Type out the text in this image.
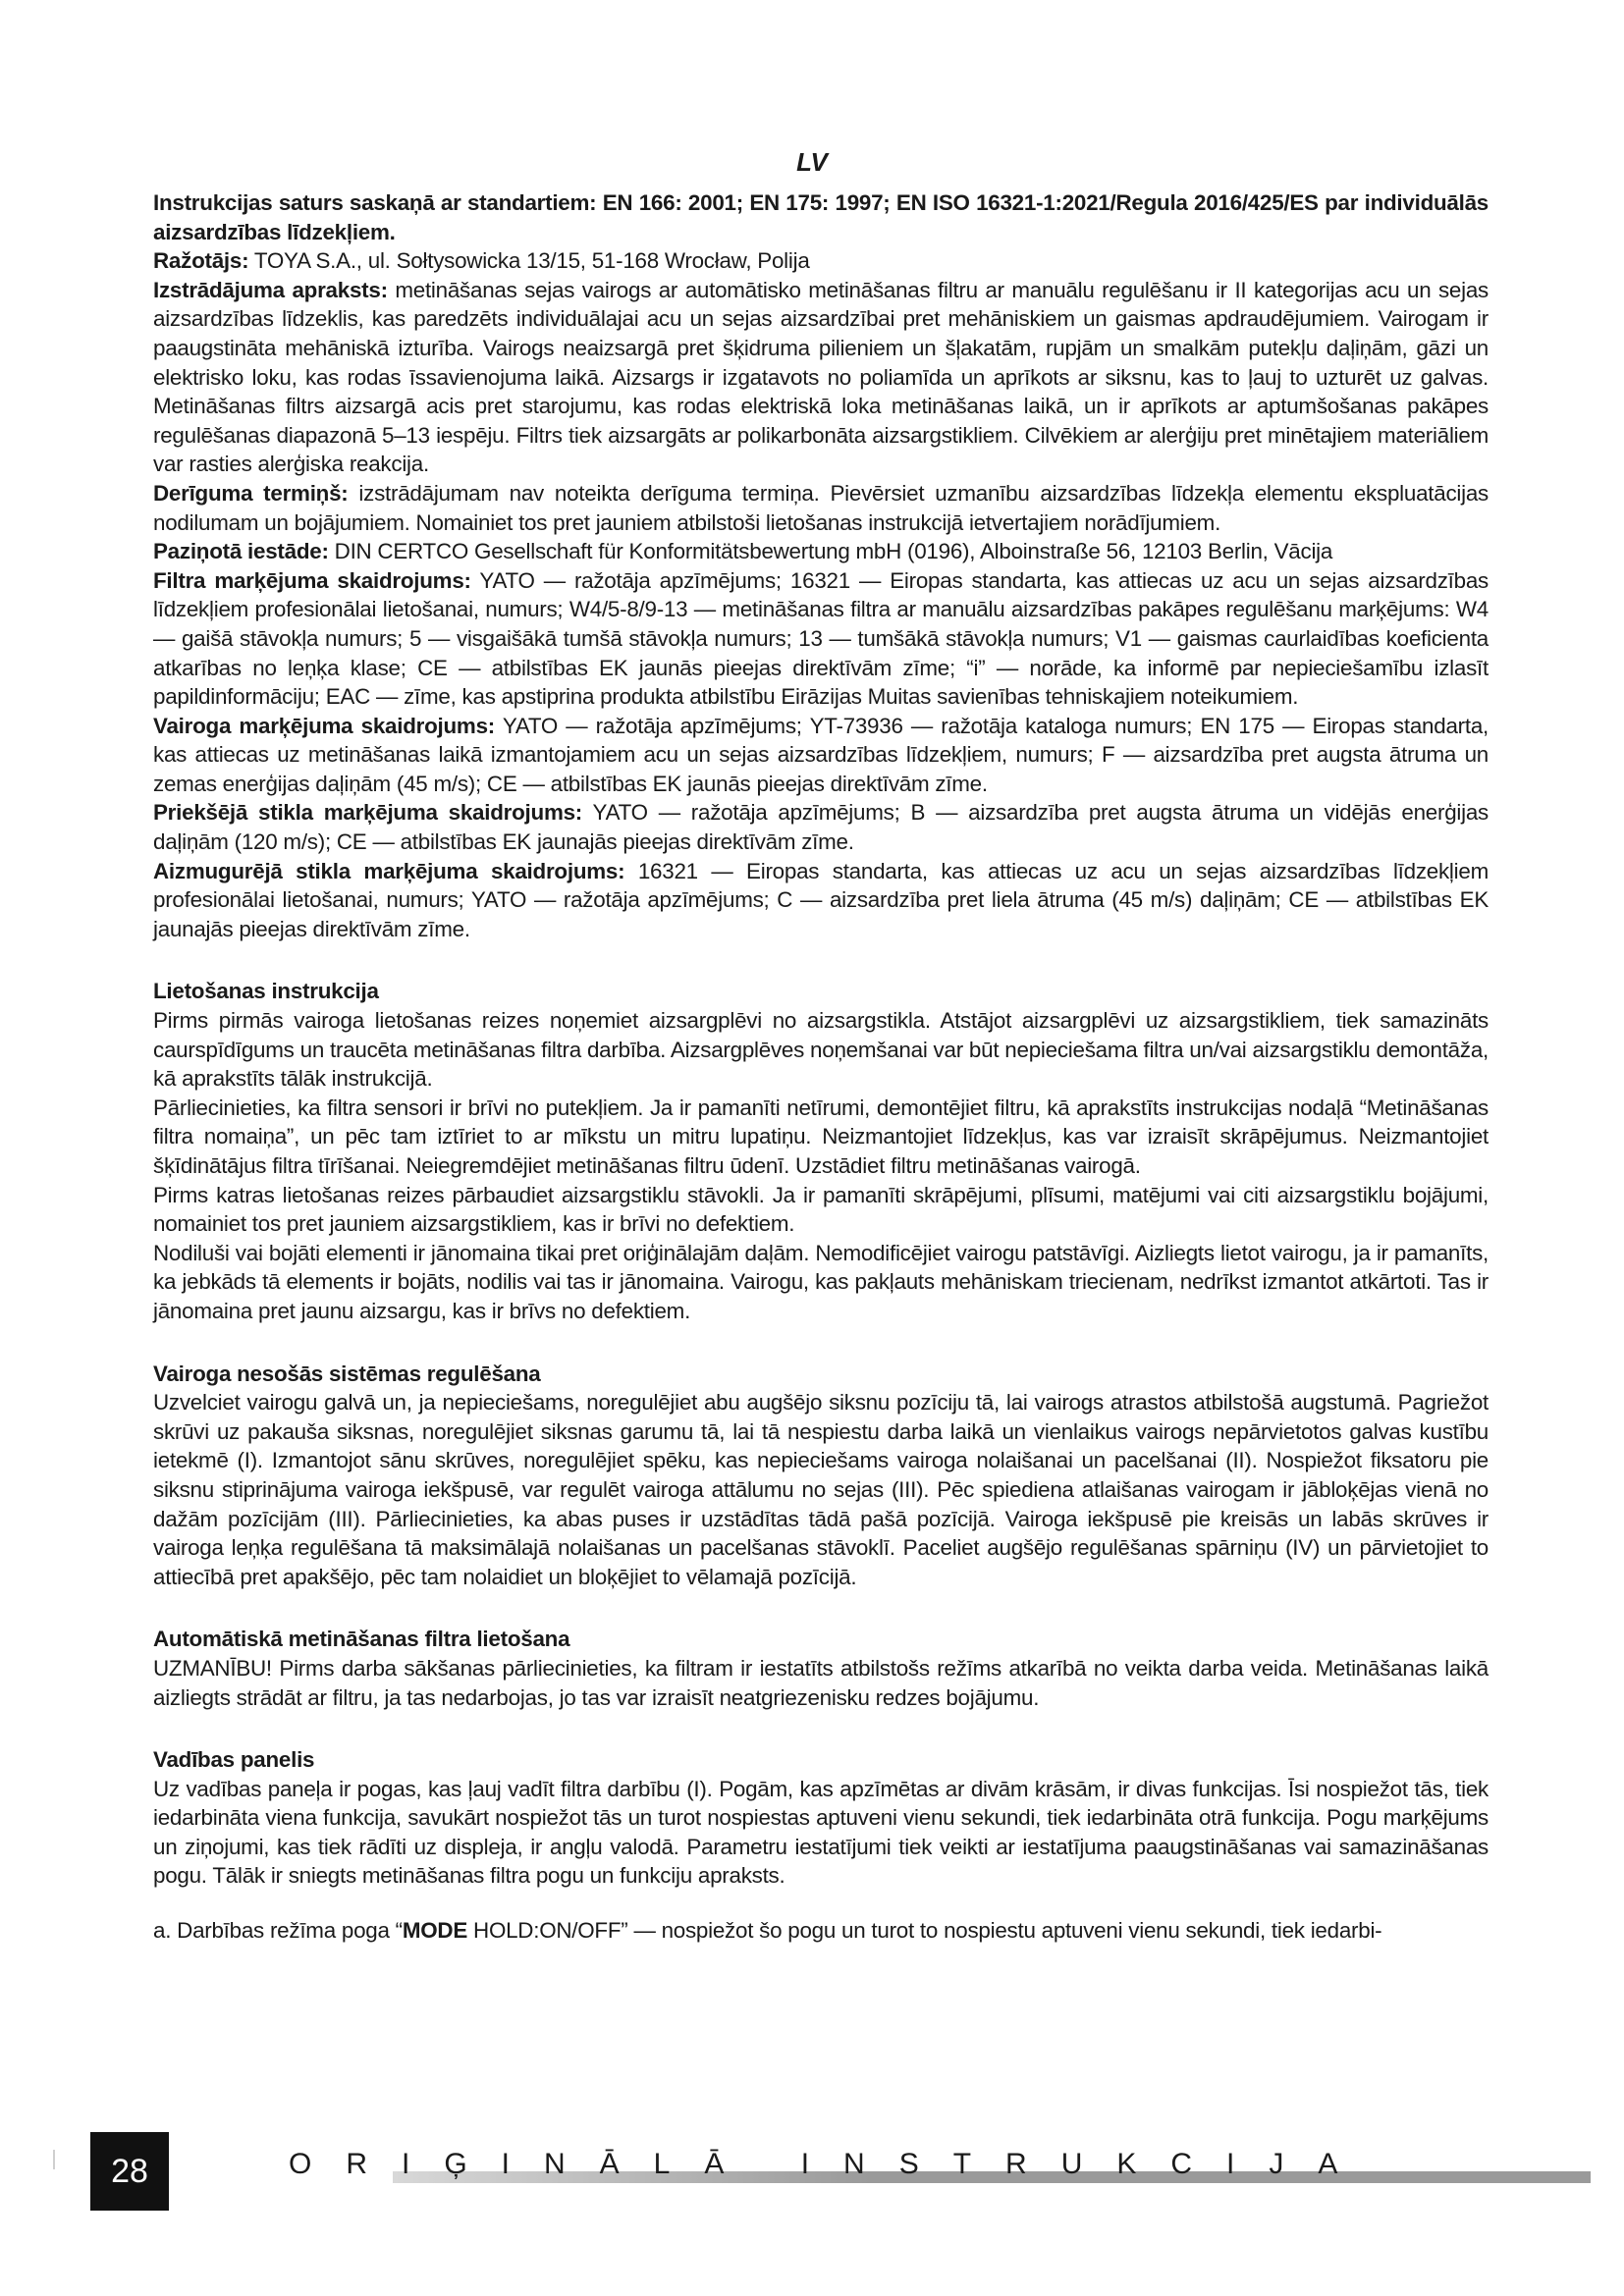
LV

Instrukcijas saturs saskaņā ar standartiem: EN 166: 2001; EN 175: 1997; EN ISO 16321-1:2021/Regula 2016/425/ES par individuālās aizsardzības līdzekļiem.

Ražotājs: TOYA S.A., ul. Sołtysowicka 13/15, 51-168 Wrocław, Polija

Izstrādājuma apraksts: metināšanas sejas vairogs ar automātisko metināšanas filtru ar manuālu regulēšanu ir II kategorijas acu un sejas aizsardzības līdzeklis, kas paredzēts individuālajai acu un sejas aizsardzībai pret mehāniskiem un gaismas apdraudējumiem. Vairogam ir paaugstināta mehāniskā izturība. Vairogs neaizsargā pret šķidruma pilieniem un šļakatām, rupjām un smalkām putekļu daļiņām, gāzi un elektrisko loku, kas rodas īssavienojuma laikā. Aizsargs ir izgatavots no poliamīda un aprīkots ar siksnu, kas to ļauj to uzturēt uz galvas. Metināšanas filtrs aizsargā acis pret starojumu, kas rodas elektriskā loka metināšanas laikā, un ir aprīkots ar aptumšošanas pakāpes regulēšanas diapazonā 5–13 iespēju. Filtrs tiek aizsargāts ar polikarbonāta aizsargstikliem. Cilvēkiem ar alerģiju pret minētajiem materiāliem var rasties alerģiska reakcija.

Derīguma termiņš: izstrādājumam nav noteikta derīguma termiņa. Pievērsiet uzmanību aizsardzības līdzekļa elementu ekspluatācijas nodilumam un bojājumiem. Nomainiet tos pret jauniem atbilstoši lietošanas instrukcijā ietvertajiem norādījumiem.

Paziņotā iestāde: DIN CERTCO Gesellschaft für Konformitätsbewertung mbH (0196), Alboinstraße 56, 12103 Berlin, Vācija

Filtra marķējuma skaidrojums: YATO — ražotāja apzīmējums; 16321 — Eiropas standarta, kas attiecas uz acu un sejas aizsardzības līdzekļiem profesionālai lietošanai, numurs; W4/5-8/9-13 — metināšanas filtra ar manuālu aizsardzības pakāpes regulēšanu marķējums: W4 — gaišā stāvokļa numurs; 5 — visgaišākā tumšā stāvokļa numurs; 13 — tumšākā stāvokļa numurs; V1 — gaismas caurlaidības koeficienta atkarības no leņķa klase; CE — atbilstības EK jaunās pieejas direktīvām zīme; “i” — norāde, ka informē par nepieciešamību izlasīt papildinformāciju; EAC — zīme, kas apstiprina produkta atbilstību Eirāzijas Muitas savienības tehniskajiem noteikumiem.

Vairoga marķējuma skaidrojums: YATO — ražotāja apzīmējums; YT-73936 — ražotāja kataloga numurs; EN 175 — Eiropas standarta, kas attiecas uz metināšanas laikā izmantojamiem acu un sejas aizsardzības līdzekļiem, numurs; F — aizsardzība pret augsta ātruma un zemas enerģijas daļiņām (45 m/s); CE — atbilstības EK jaunās pieejas direktīvām zīme.

Priekšējā stikla marķējuma skaidrojums: YATO — ražotāja apzīmējums; B — aizsardzība pret augsta ātruma un vidējās enerģijas daļiņām (120 m/s); CE — atbilstības EK jaunajās pieejas direktīvām zīme.

Aizmugurējā stikla marķējuma skaidrojums: 16321 — Eiropas standarta, kas attiecas uz acu un sejas aizsardzības līdzekļiem profesionālai lietošanai, numurs; YATO — ražotāja apzīmējums; C — aizsardzība pret liela ātruma (45 m/s) daļiņām; CE — atbilstības EK jaunajās pieejas direktīvām zīme.

Lietošanas instrukcija

Pirms pirmās vairoga lietošanas reizes noņemiet aizsargplēvi no aizsargstikla. Atstājot aizsargplēvi uz aizsargstikliem, tiek samazināts caurspīdīgums un traucēta metināšanas filtra darbība. Aizsargplēves noņemšanai var būt nepieciešama filtra un/vai aizsargstiklu demontāža, kā aprakstīts tālāk instrukcijā.

Pārliecinieties, ka filtra sensori ir brīvi no putekļiem. Ja ir pamanīti netīrumi, demontējiet filtru, kā aprakstīts instrukcijas nodaļā “Metināšanas filtra nomaiņa”, un pēc tam iztīriet to ar mīkstu un mitru lupatiņu. Neizmantojiet līdzekļus, kas var izraisīt skrāpējumus. Neizmantojiet šķīdinātājus filtra tīrīšanai. Neiegremdējiet metināšanas filtru ūdenī. Uzstādiet filtru metināšanas vairogā.

Pirms katras lietošanas reizes pārbaudiet aizsargstiklu stāvokli. Ja ir pamanīti skrāpējumi, plīsumi, matējumi vai citi aizsargstiklu bojājumi, nomainiet tos pret jauniem aizsargstikliem, kas ir brīvi no defektiem.

Nodiluši vai bojāti elementi ir jānomaina tikai pret oriģinālajām daļām. Nemodificējiet vairogu patstāvīgi. Aizliegts lietot vairogu, ja ir pamanīts, ka jebkāds tā elements ir bojāts, nodilis vai tas ir jānomaina. Vairogu, kas pakļauts mehāniskam triecienam, nedrīkst izmantot atkārtoti. Tas ir jānomaina pret jaunu aizsargu, kas ir brīvs no defektiem.

Vairoga nesošās sistēmas regulēšana

Uzvelciet vairogu galvā un, ja nepieciešams, noregulējiet abu augšējo siksnu pozīciju tā, lai vairogs atrastos atbilstošā augstumā. Pagriežot skrūvi uz pakauša siksnas, noregulējiet siksnas garumu tā, lai tā nespiestu darba laikā un vienlaikus vairogs nepārvietotos galvas kustību ietekmē (I). Izmantojot sānu skrūves, noregulējiet spēku, kas nepieciešams vairoga nolaišanai un pacelšanai (II). Nospiežot fiksatoru pie siksnu stiprinājuma vairoga iekšpusē, var regulēt vairoga attālumu no sejas (III). Pēc spiediena atlaišanas vairogam ir jābloķējas vienā no dažām pozīcijām (III). Pārliecinieties, ka abas puses ir uzstādītas tādā pašā pozīcijā. Vairoga iekšpusē pie kreisās un labās skrūves ir vairoga leņķa regulēšana tā maksimālajā nolaišanas un pacelšanas stāvoklī. Paceliet augšējo regulēšanas spārniņu (IV) un pārvietojiet to attiecībā pret apakšējo, pēc tam nolaidiet un bloķējiet to vēlamajā pozīcijā.

Automātiskā metināšanas filtra lietošana

UZMANĪBU! Pirms darba sākšanas pārliecinieties, ka filtram ir iestatīts atbilstošs režīms atkarībā no veikta darba veida. Metināšanas laikā aizliegts strādāt ar filtru, ja tas nedarbojas, jo tas var izraisīt neatgriezenisku redzes bojājumu.

Vadības panelis

Uz vadības paneļa ir pogas, kas ļauj vadīt filtra darbību (I). Pogām, kas apzīmētas ar divām krāsām, ir divas funkcijas. Īsi nospiežot tās, tiek iedarbināta viena funkcija, savukārt nospiežot tās un turot nospiestas aptuveni vienu sekundi, tiek iedarbināta otrā funkcija. Pogu marķējums un ziņojumi, kas tiek rādīti uz displeja, ir angļu valodā. Parametru iestatījumi tiek veikti ar iestatījuma paaugstināšanas vai samazināšanas pogu. Tālāk ir sniegts metināšanas filtra pogu un funkciju apraksts.

a. Darbības režīma poga “MODE HOLD:ON/OFF” — nospiežot šo pogu un turot to nospiestu aptuveni vienu sekundi, tiek iedarbi-

28	ORIĢINĀLĀ INSTRUKCIJA
